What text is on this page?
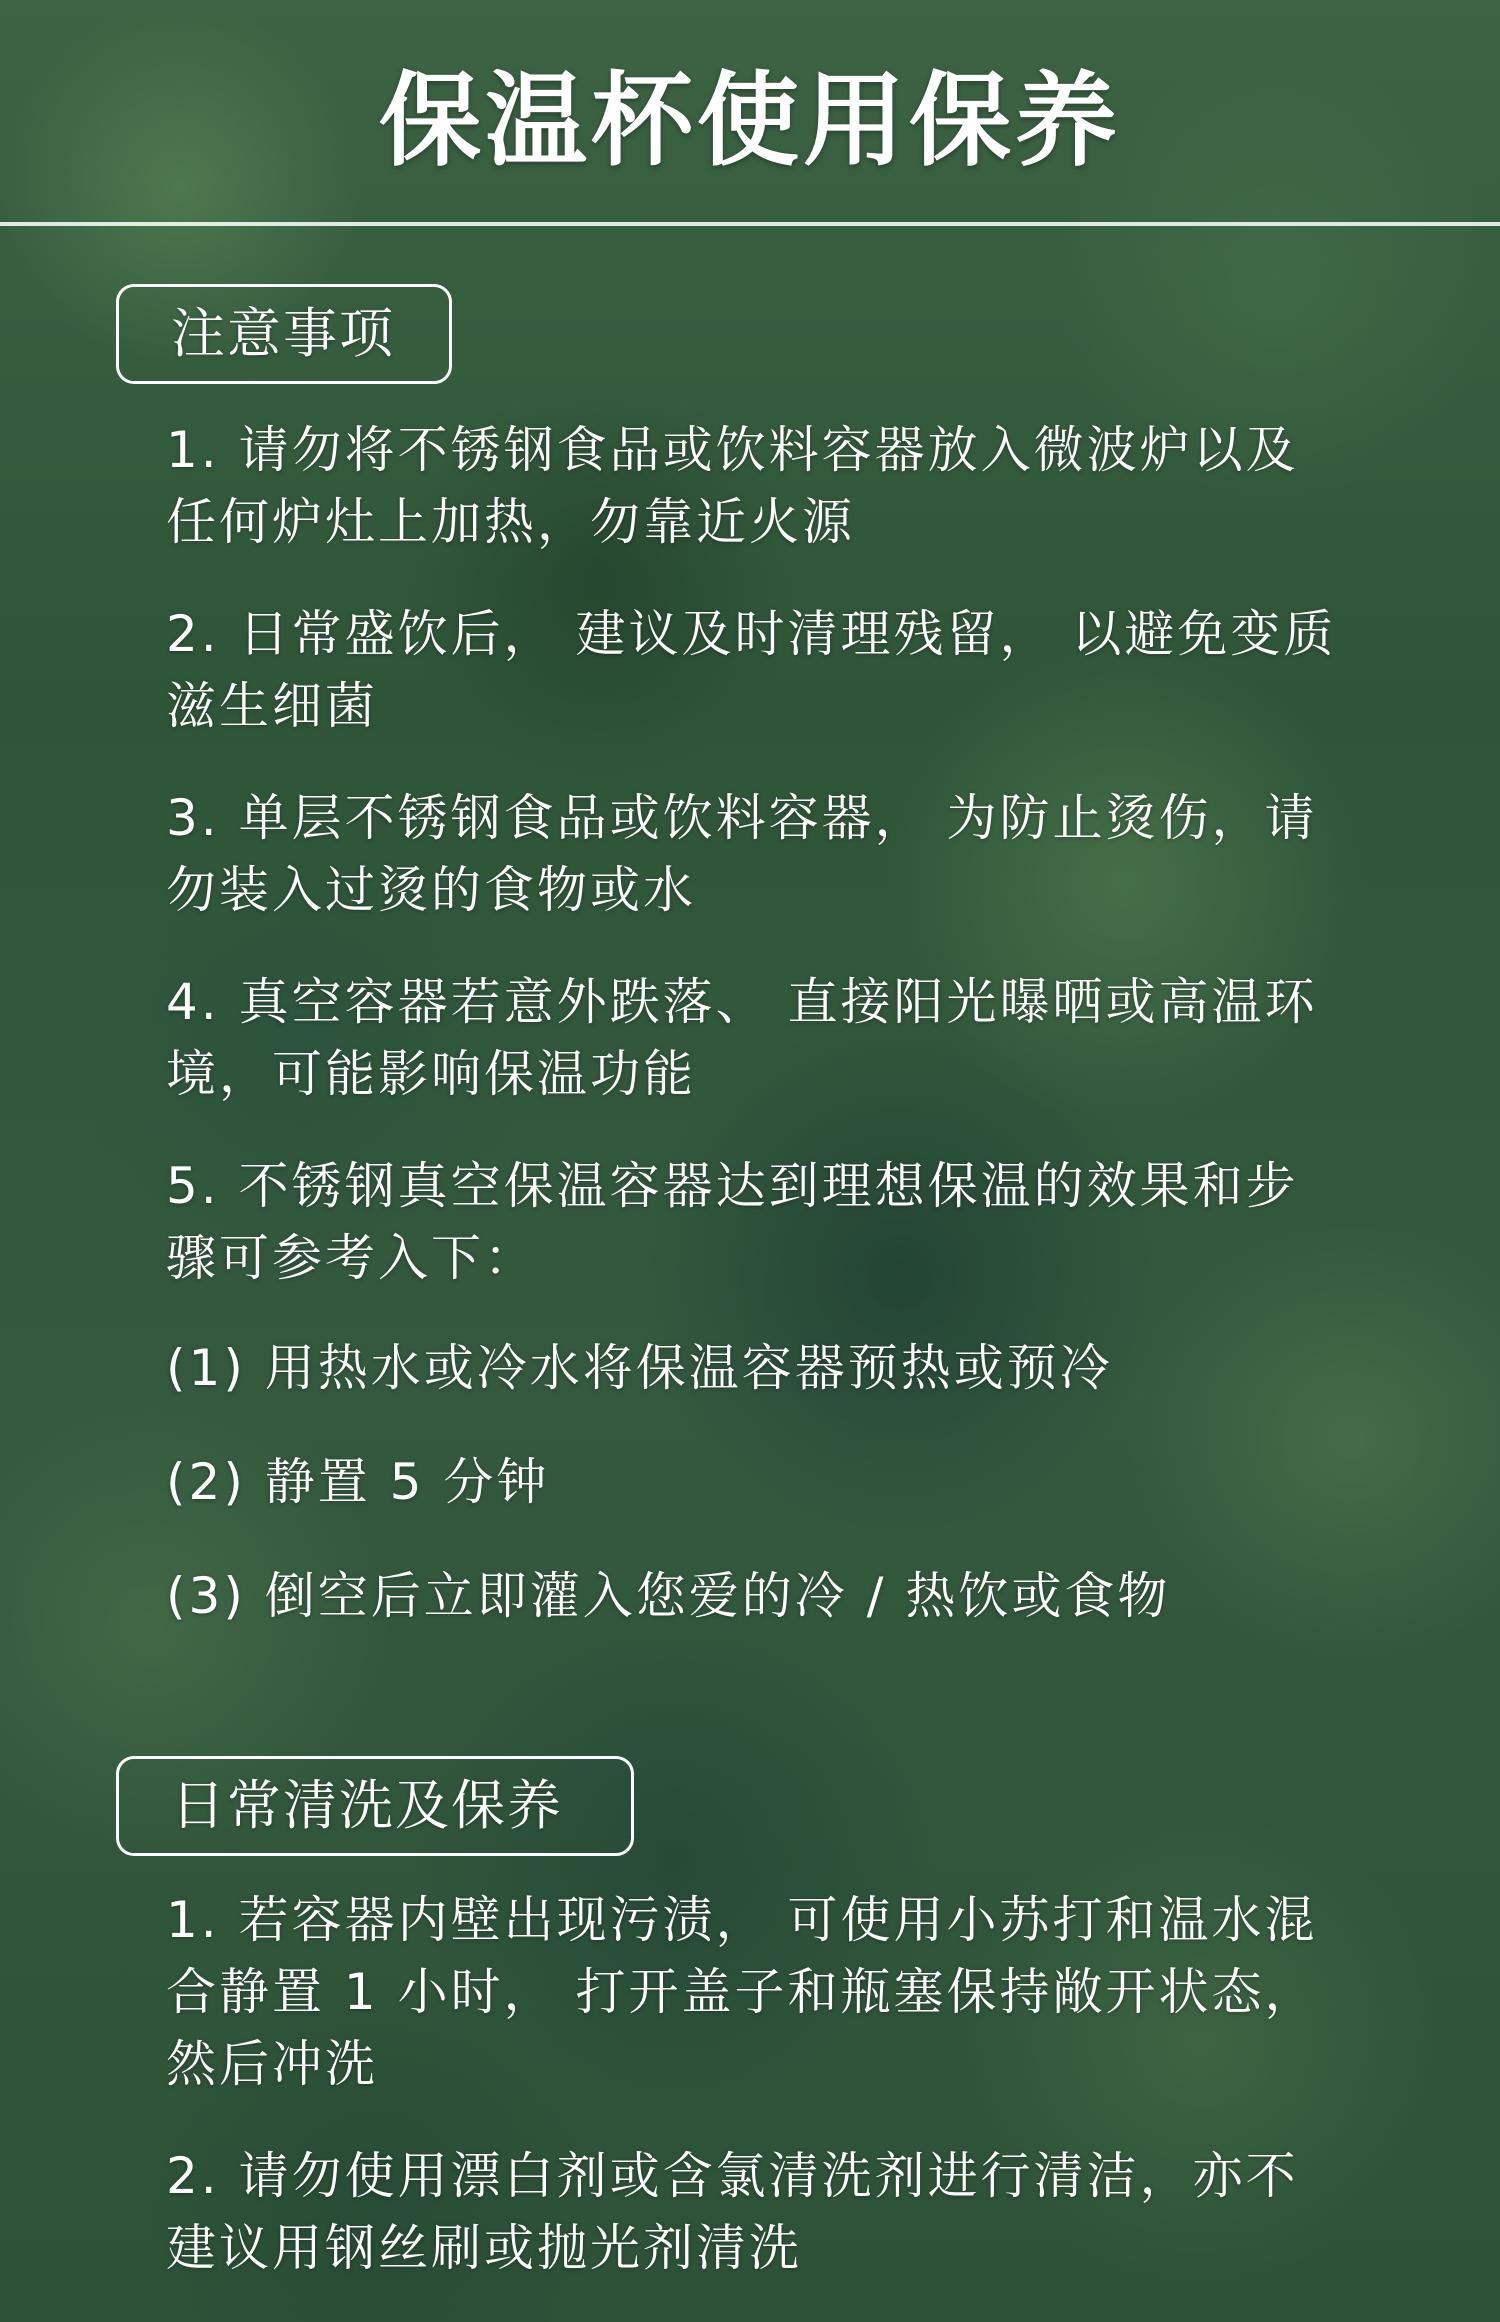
保温杯使用保养
注意事项

1. 请勿将不锈钢食品或饮料容器放入微波炉以及任何炉灶上加热，勿靠近火源

2. 日常盛饮后， 建议及时清理残留， 以避免变质滋生细菌

3. 单层不锈钢食品或饮料容器， 为防止烫伤，请勿装入过烫的食物或水

4. 真空容器若意外跌落、 直接阳光曝晒或高温环境，可能影响保温功能

5. 不锈钢真空保温容器达到理想保温的效果和步骤可参考入下：

(1) 用热水或冷水将保温容器预热或预冷

(2) 静置 5 分钟

(3) 倒空后立即灌入您爱的冷 / 热饮或食物

日常清洗及保养

1. 若容器内壁出现污渍， 可使用小苏打和温水混合静置 1 小时， 打开盖子和瓶塞保持敞开状态，然后冲洗

2. 请勿使用漂白剂或含氯清洗剂进行清洁，亦不建议用钢丝刷或抛光剂清洗
